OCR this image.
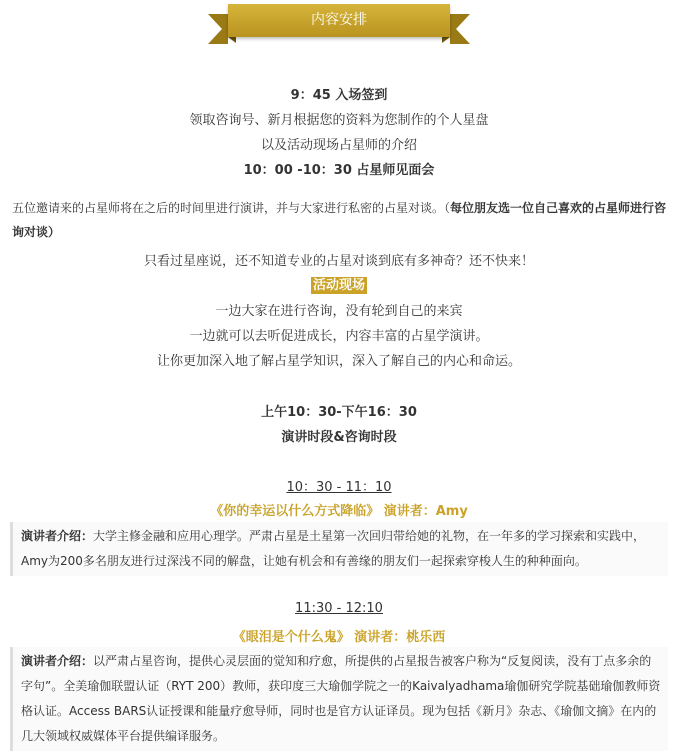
内容安排
9：45 入场签到
领取咨询号、新月根据您的资料为您制作的个人星盘
以及活动现场占星师的介绍
10：00 -10：30 占星师见面会
五位邀请来的占星师将在之后的时间里进行演讲，并与大家进行私密的占星对谈。（每位朋友选一位自己喜欢的占星师进行咨询对谈）
只看过星座说，还不知道专业的占星对谈到底有多神奇？还不快来！
活动现场
一边大家在进行咨询，没有轮到自己的来宾
一边就可以去听促进成长，内容丰富的占星学演讲。
让你更加深入地了解占星学知识，深入了解自己的内心和命运。
上午10：30-下午16：30
演讲时段&咨询时段
10：30 - 11：10
《你的幸运以什么方式降临》 演讲者：Amy
演讲者介绍：大学主修金融和应用心理学。严肃占星是土星第一次回归带给她的礼物，在一年多的学习探索和实践中，Amy为200多名朋友进行过深浅不同的解盘，让她有机会和有善缘的朋友们一起探索穿梭人生的种种面向。
11:30 - 12:10
《眼泪是个什么鬼》 演讲者：桃乐西
演讲者介绍：以严肃占星咨询，提供心灵层面的觉知和疗愈，所提供的占星报告被客户称为“反复阅读，没有丁点多余的字句”。全美瑜伽联盟认证（RYT 200）教师，获印度三大瑜伽学院之一的Kaivalyadhama瑜伽研究学院基础瑜伽教师资格认证。Access BARS认证授课和能量疗愈导师，同时也是官方认证译员。现为包括《新月》杂志、《瑜伽文摘》在内的几大领域权威媒体平台提供编译服务。
